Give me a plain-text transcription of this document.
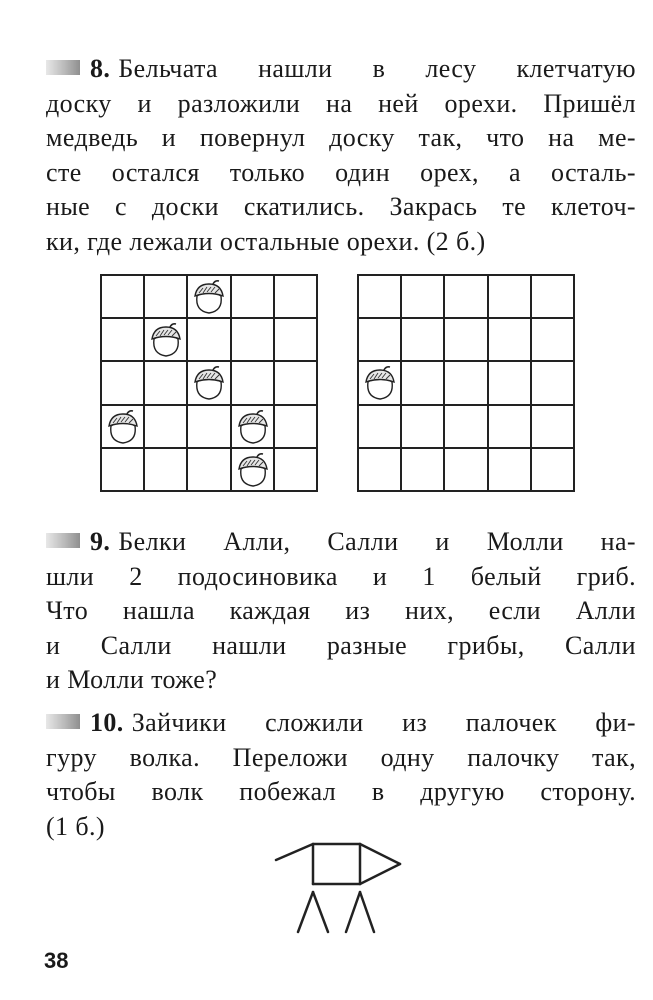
8. Бельчата нашли в лесу клетчатую
доску и разложили на ней орехи. Пришёл
медведь и повернул доску так, что на ме-
сте остался только один орех, а осталь-
ные с доски скатились. Закрась те клеточ-
ки, где лежали остальные орехи. (2 б.)
9. Белки Алли, Салли и Молли на-
шли 2 подосиновика и 1 белый гриб.
Что нашла каждая из них, если Алли
и Салли нашли разные грибы, Салли
и Молли тоже?
10. Зайчики сложили из палочек фи-
гуру волка. Переложи одну палочку так,
чтобы волк побежал в другую сторону.
(1 б.)
38
